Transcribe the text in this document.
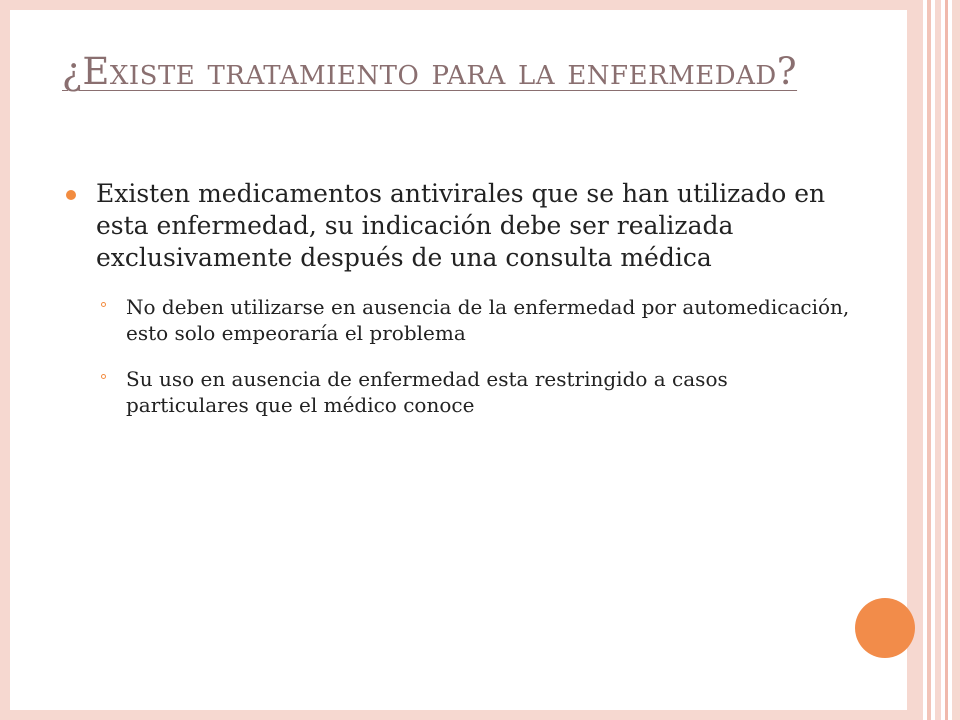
¿Existe tratamiento para la enfermedad?

Existen medicamentos antivirales que se han utilizado en esta enfermedad, su indicación debe ser realizada exclusivamente después de una consulta médica

No deben utilizarse en ausencia de la enfermedad por automedicación, esto solo empeoraría el problema

Su uso en ausencia de enfermedad esta restringido a casos particulares que el médico conoce
